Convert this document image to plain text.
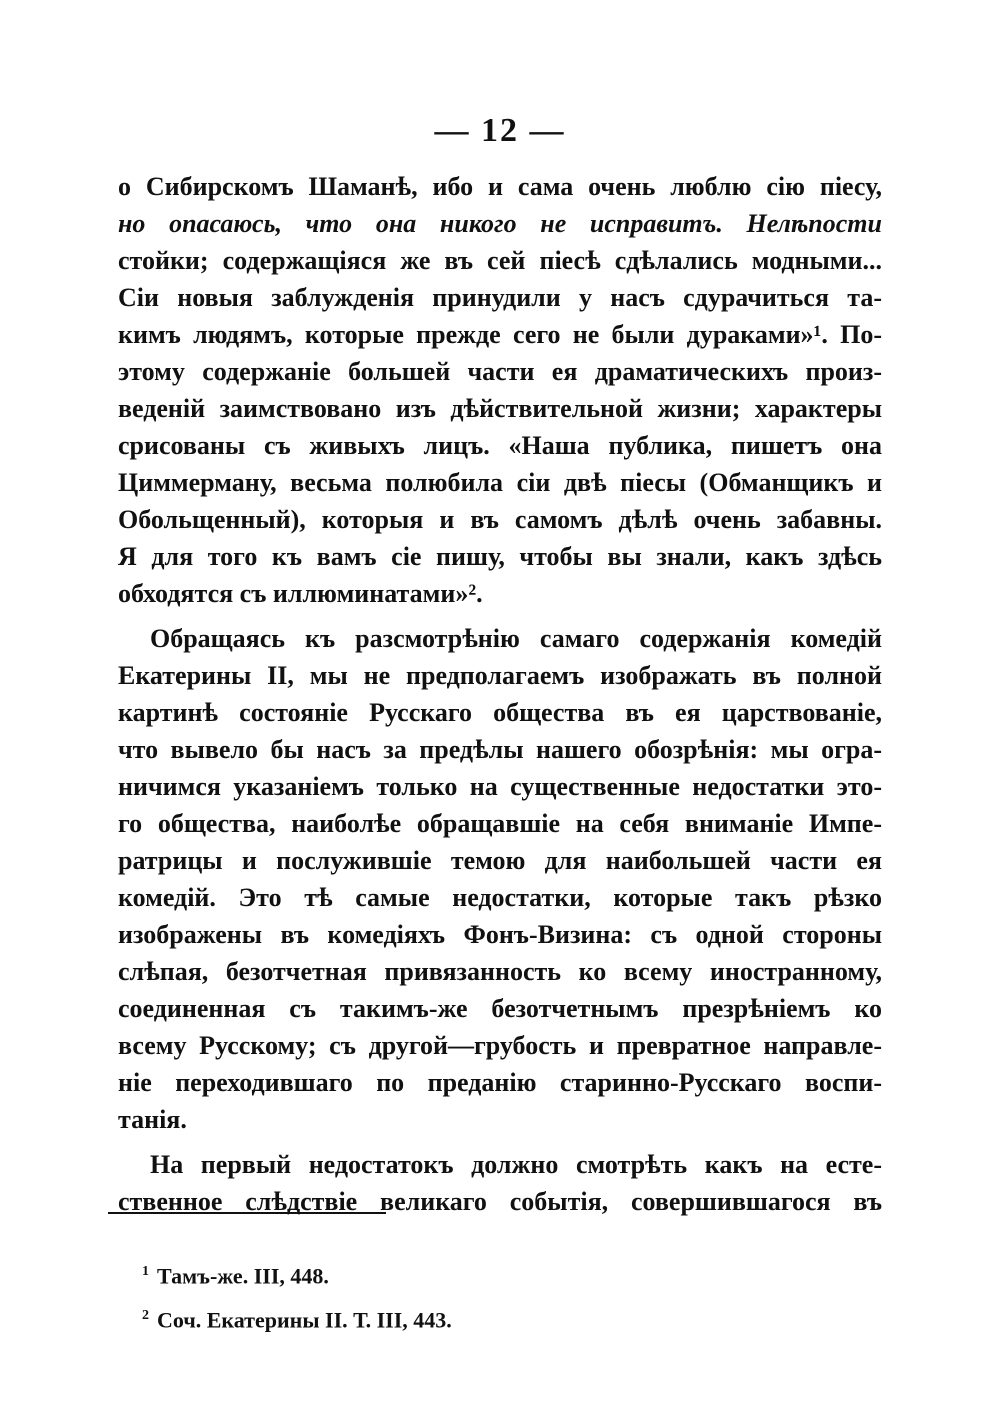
— 12 —
о Сибирскомъ Шаманѣ, ибо и сама очень люблю сію піесу,
но опасаюсь, что она никого не исправитъ. Нелѣпости
стойки; содержащіяся же въ сей піесѣ сдѣлались модными...
Сіи новыя заблужденія принудили у насъ сдурачиться та-
кимъ людямъ, которые прежде сего не были дураками»¹. По-
этому содержаніе большей части ея драматическихъ произ-
веденій заимствовано изъ дѣйствительной жизни; характеры
срисованы съ живыхъ лицъ. «Наша публика, пишетъ она
Циммерману, весьма полюбила сіи двѣ піесы (Обманщикъ и
Обольщенный), которыя и въ самомъ дѣлѣ очень забавны.
Я для того къ вамъ сіе пишу, чтобы вы знали, какъ здѣсь
обходятся съ иллюминатами»².
Обращаясь къ разсмотрѣнію самаго содержанія комедій
Екатерины II, мы не предполагаемъ изображать въ полной
картинѣ состояніе Русскаго общества въ ея царствованіе,
что вывело бы насъ за предѣлы нашего обозрѣнія: мы огра-
ничимся указаніемъ только на существенные недостатки это-
го общества, наиболѣе обращавшіе на себя вниманіе Импе-
ратрицы и послужившіе темою для наибольшей части ея
комедій. Это тѣ самые недостатки, которые такъ рѣзко
изображены въ комедіяхъ Фонъ-Визина: съ одной стороны
слѣпая, безотчетная привязанность ко всему иностранному,
соединенная съ такимъ-же безотчетнымъ презрѣніемъ ко
всему Русскому; съ другой—грубость и превратное направле-
ніе переходившаго по преданію старинно-Русскаго воспи-
танія.
На первый недостатокъ должно смотрѣть какъ на есте-
ственное слѣдствіе великаго событія, совершившагося въ
$^1$ Тамъ-же. III, 448.
$^2$ Соч. Екатерины II. Т. III, 443.
